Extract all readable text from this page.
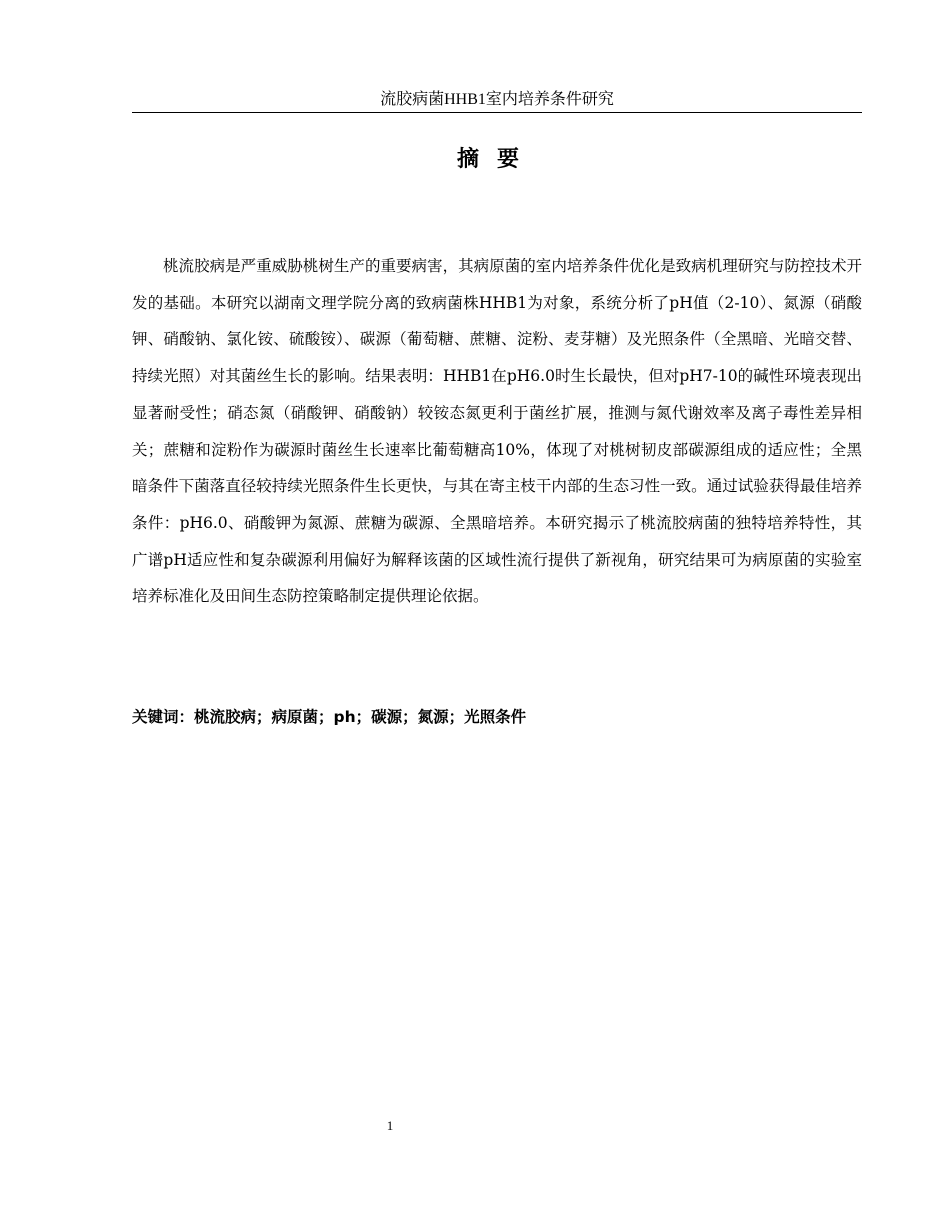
流胶病菌HHB1室内培养条件研究
摘要

桃流胶病是严重威胁桃树生产的重要病害，其病原菌的室内培养条件优化是致病机理研究与防控技术开发的基础。本研究以湖南文理学院分离的致病菌株HHB1为对象，系统分析了pH值（2-10）、氮源（硝酸钾、硝酸钠、氯化铵、硫酸铵）、碳源（葡萄糖、蔗糖、淀粉、麦芽糖）及光照条件（全黑暗、光暗交替、持续光照）对其菌丝生长的影响。结果表明：HHB1在pH6.0时生长最快，但对pH7-10的碱性环境表现出显著耐受性；硝态氮（硝酸钾、硝酸钠）较铵态氮更利于菌丝扩展，推测与氮代谢效率及离子毒性差异相关；蔗糖和淀粉作为碳源时菌丝生长速率比葡萄糖高10%，体现了对桃树韧皮部碳源组成的适应性；全黑暗条件下菌落直径较持续光照条件生长更快，与其在寄主枝干内部的生态习性一致。通过试验获得最佳培养条件：pH6.0、硝酸钾为氮源、蔗糖为碳源、全黑暗培养。本研究揭示了桃流胶病菌的独特培养特性，其广谱pH适应性和复杂碳源利用偏好为解释该菌的区域性流行提供了新视角，研究结果可为病原菌的实验室培养标准化及田间生态防控策略制定提供理论依据。

关键词：桃流胶病；病原菌；ph；碳源；氮源；光照条件

1
